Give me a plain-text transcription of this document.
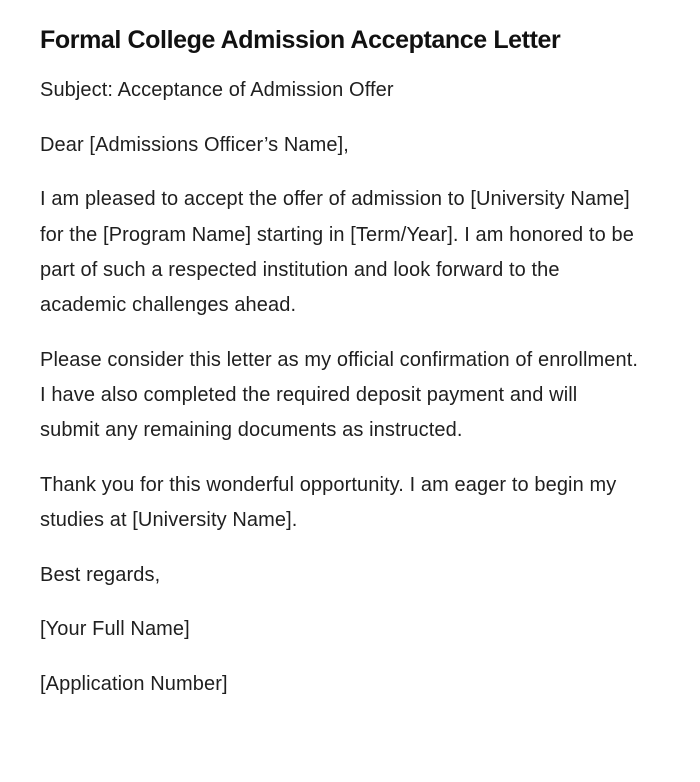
Formal College Admission Acceptance Letter

Subject: Acceptance of Admission Offer

Dear [Admissions Officer’s Name],

I am pleased to accept the offer of admission to [University Name] for the [Program Name] starting in [Term/Year]. I am honored to be part of such a respected institution and look forward to the academic challenges ahead.

Please consider this letter as my official confirmation of enrollment. I have also completed the required deposit payment and will submit any remaining documents as instructed.

Thank you for this wonderful opportunity. I am eager to begin my studies at [University Name].

Best regards,

[Your Full Name]

[Application Number]
